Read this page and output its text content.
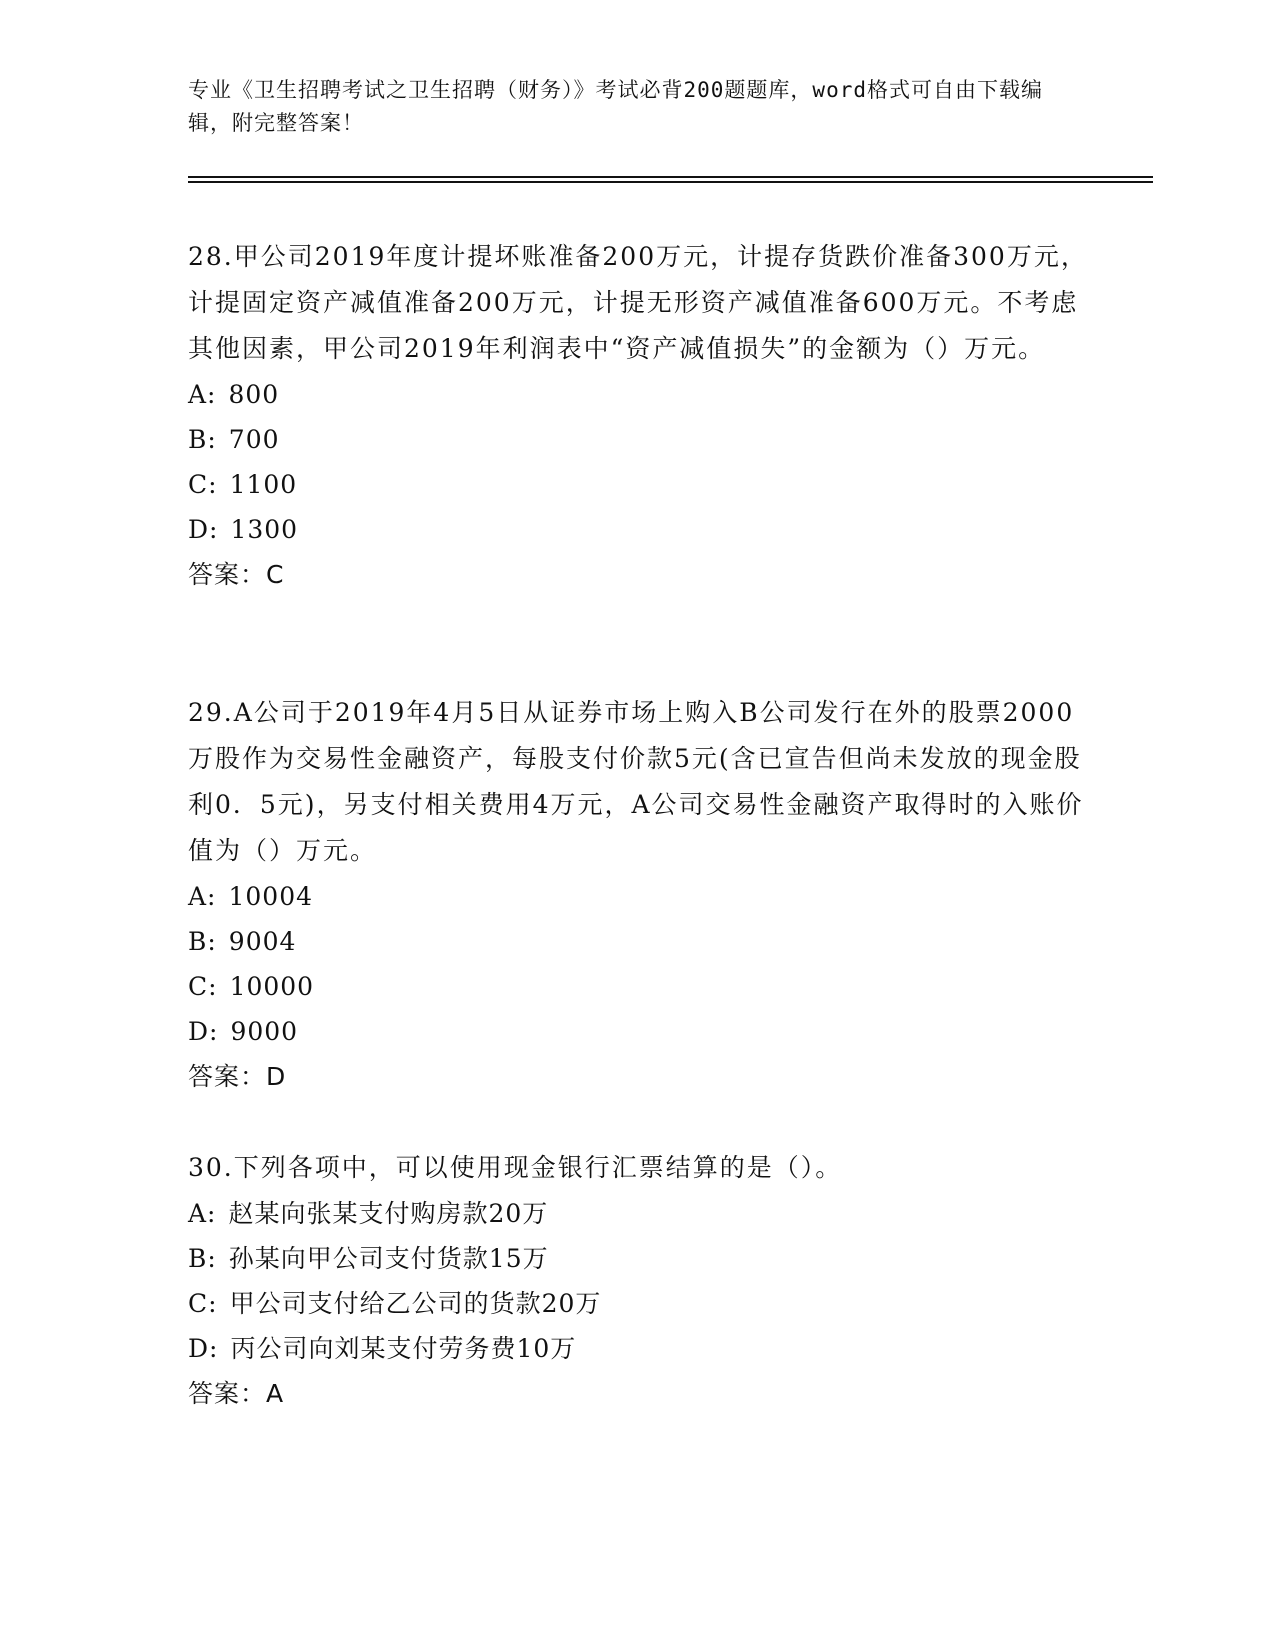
专业《卫生招聘考试之卫生招聘（财务）》考试必背200题题库，word格式可自由下载编辑，附完整答案！

28.甲公司2019年度计提坏账准备200万元，计提存货跌价准备300万元，计提固定资产减值准备200万元，计提无形资产减值准备600万元。不考虑其他因素，甲公司2019年利润表中“资产减值损失”的金额为（）万元。

A: 800

B: 700

C: 1100

D: 1300

答案：C

29.A公司于2019年4月5日从证券市场上购入B公司发行在外的股票2000万股作为交易性金融资产，每股支付价款5元(含已宣告但尚未发放的现金股利0．5元)，另支付相关费用4万元，A公司交易性金融资产取得时的入账价值为（）万元。

A: 10004

B: 9004

C: 10000

D: 9000

答案：D

30.下列各项中，可以使用现金银行汇票结算的是（）。

A: 赵某向张某支付购房款20万

B: 孙某向甲公司支付货款15万

C: 甲公司支付给乙公司的货款20万

D: 丙公司向刘某支付劳务费10万

答案：A
